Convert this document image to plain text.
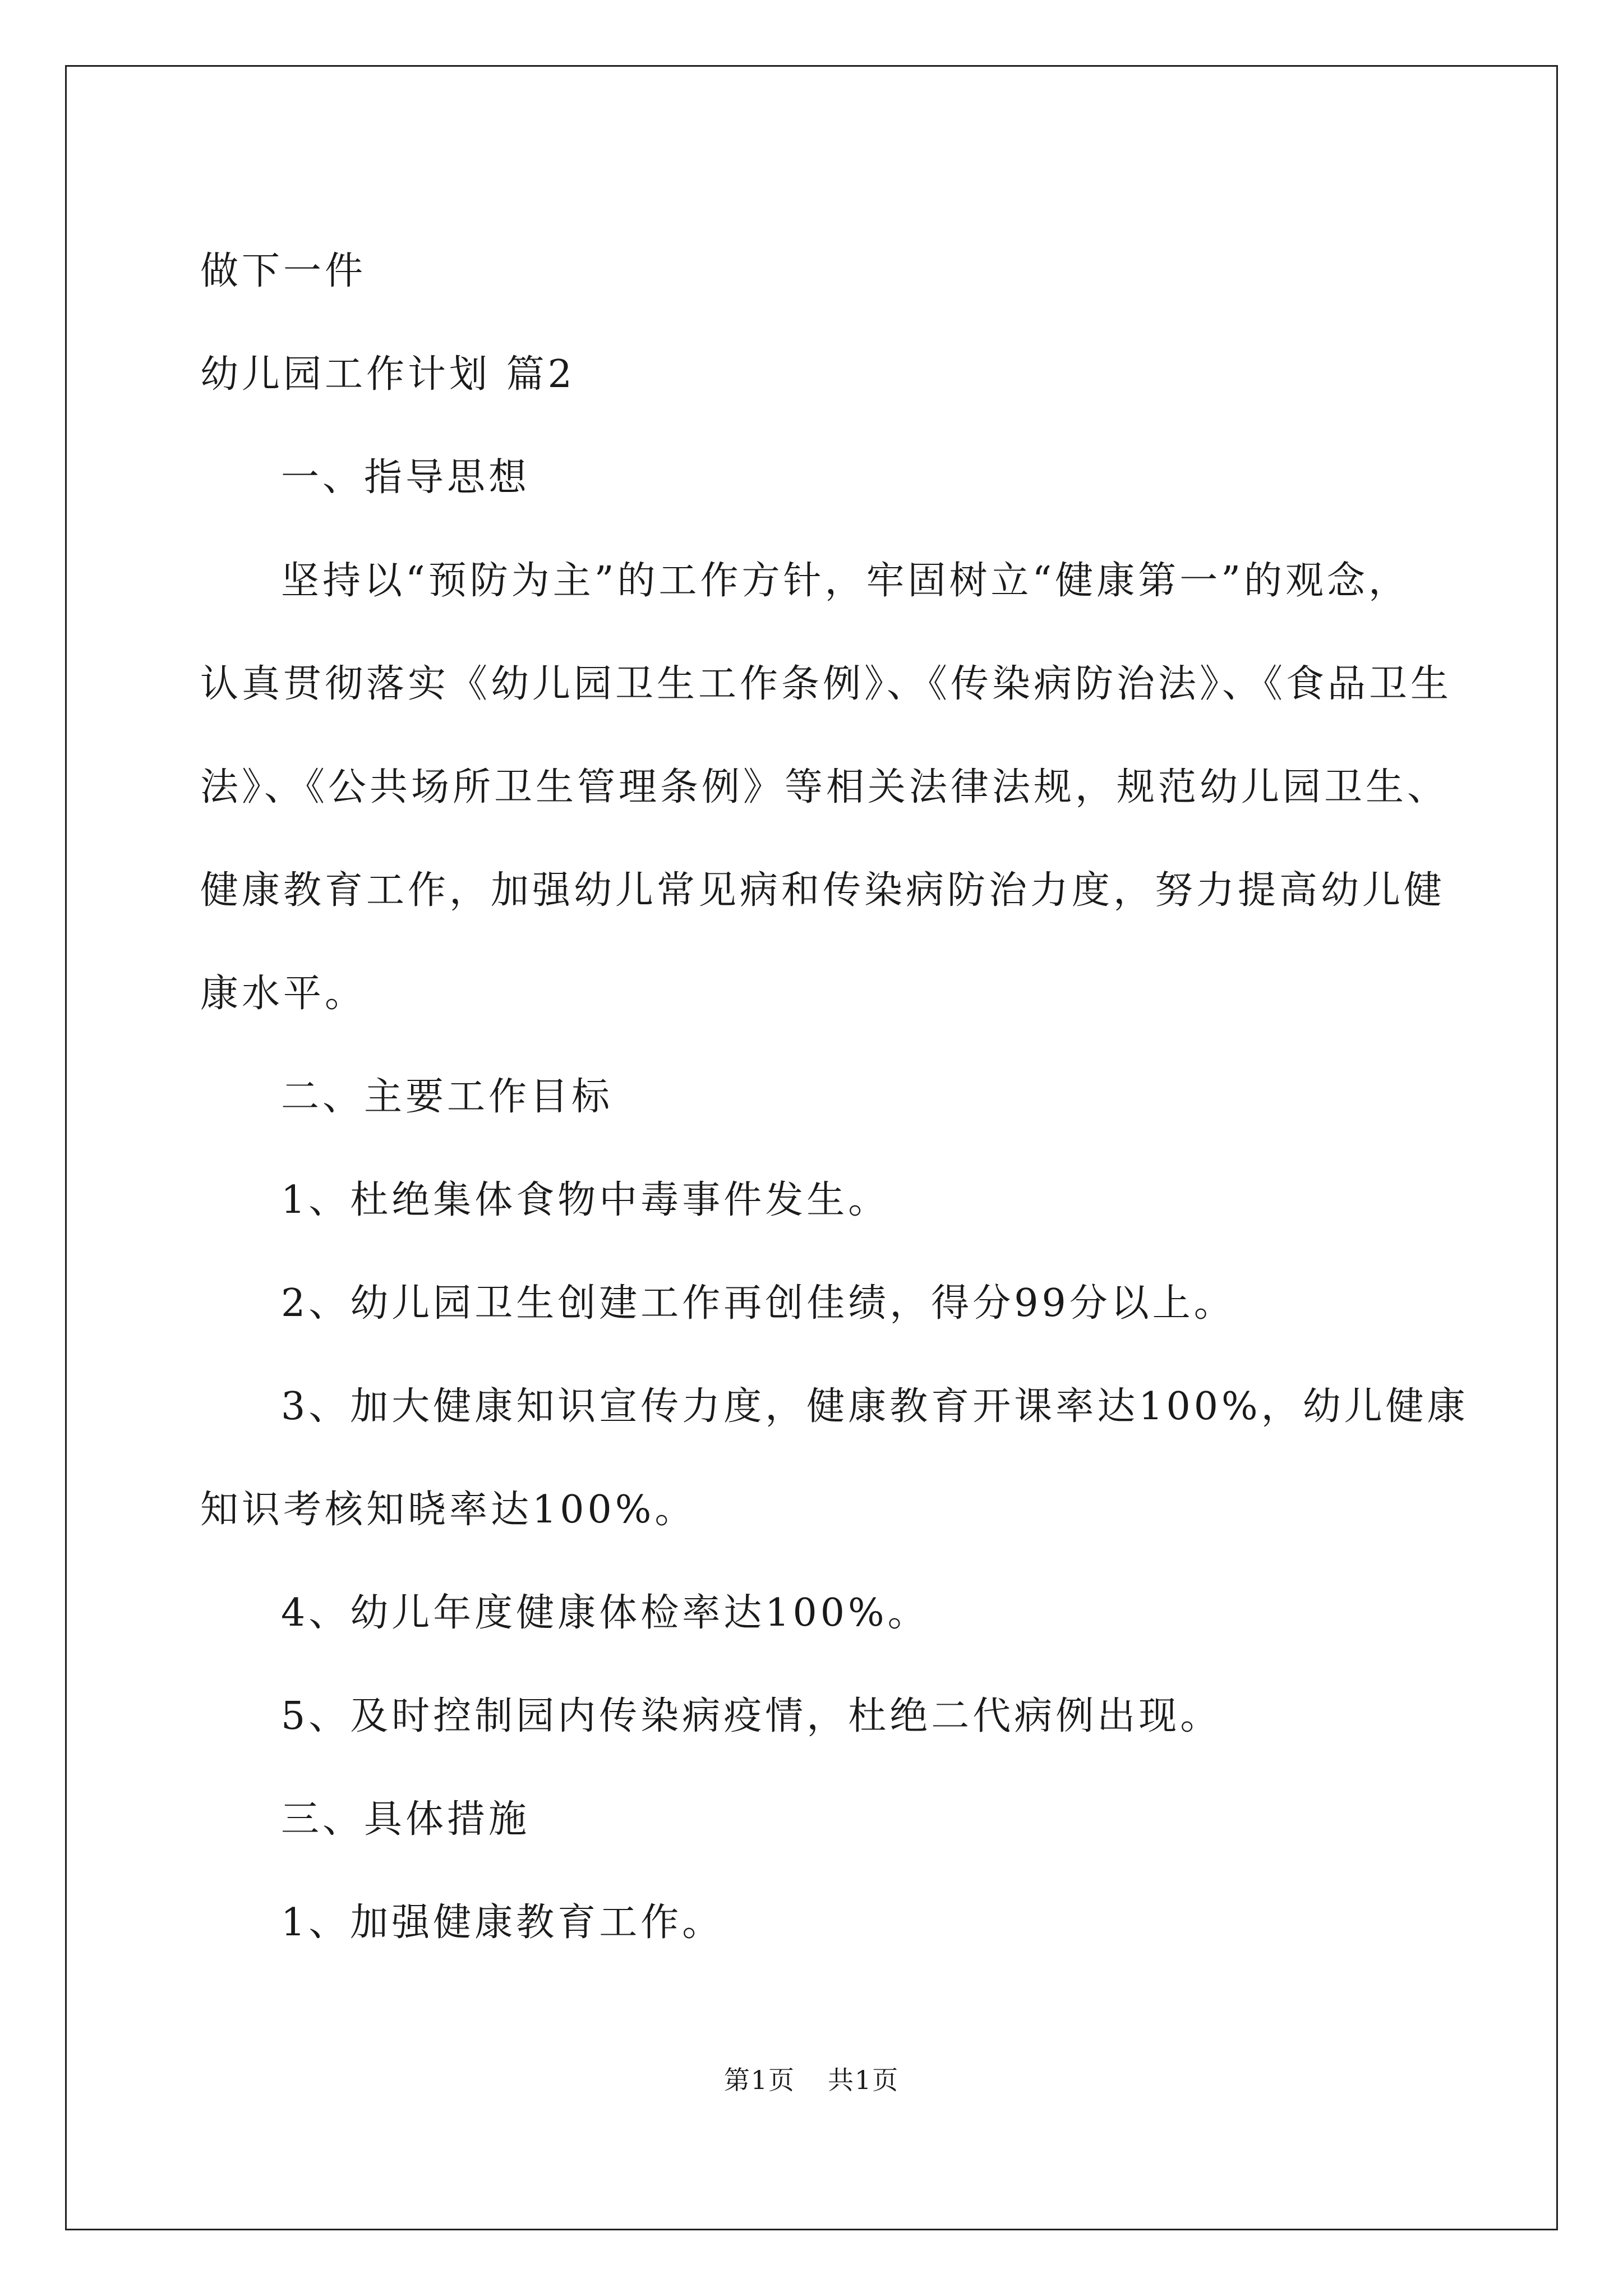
做下一件
幼儿园工作计划 篇2
一、指导思想
坚持以“预防为主”的工作方针，牢固树立“健康第一”的观念，
认真贯彻落实《幼儿园卫生工作条例》、《传染病防治法》、《食品卫生
法》、《公共场所卫生管理条例》等相关法律法规，规范幼儿园卫生、
健康教育工作，加强幼儿常见病和传染病防治力度，努力提高幼儿健
康水平。
二、主要工作目标
1、杜绝集体食物中毒事件发生。
2、幼儿园卫生创建工作再创佳绩，得分99分以上。
3、加大健康知识宣传力度，健康教育开课率达100%，幼儿健康
知识考核知晓率达100%。
4、幼儿年度健康体检率达100%。
5、及时控制园内传染病疫情，杜绝二代病例出现。
三、具体措施
1、加强健康教育工作。
第1页 共1页
